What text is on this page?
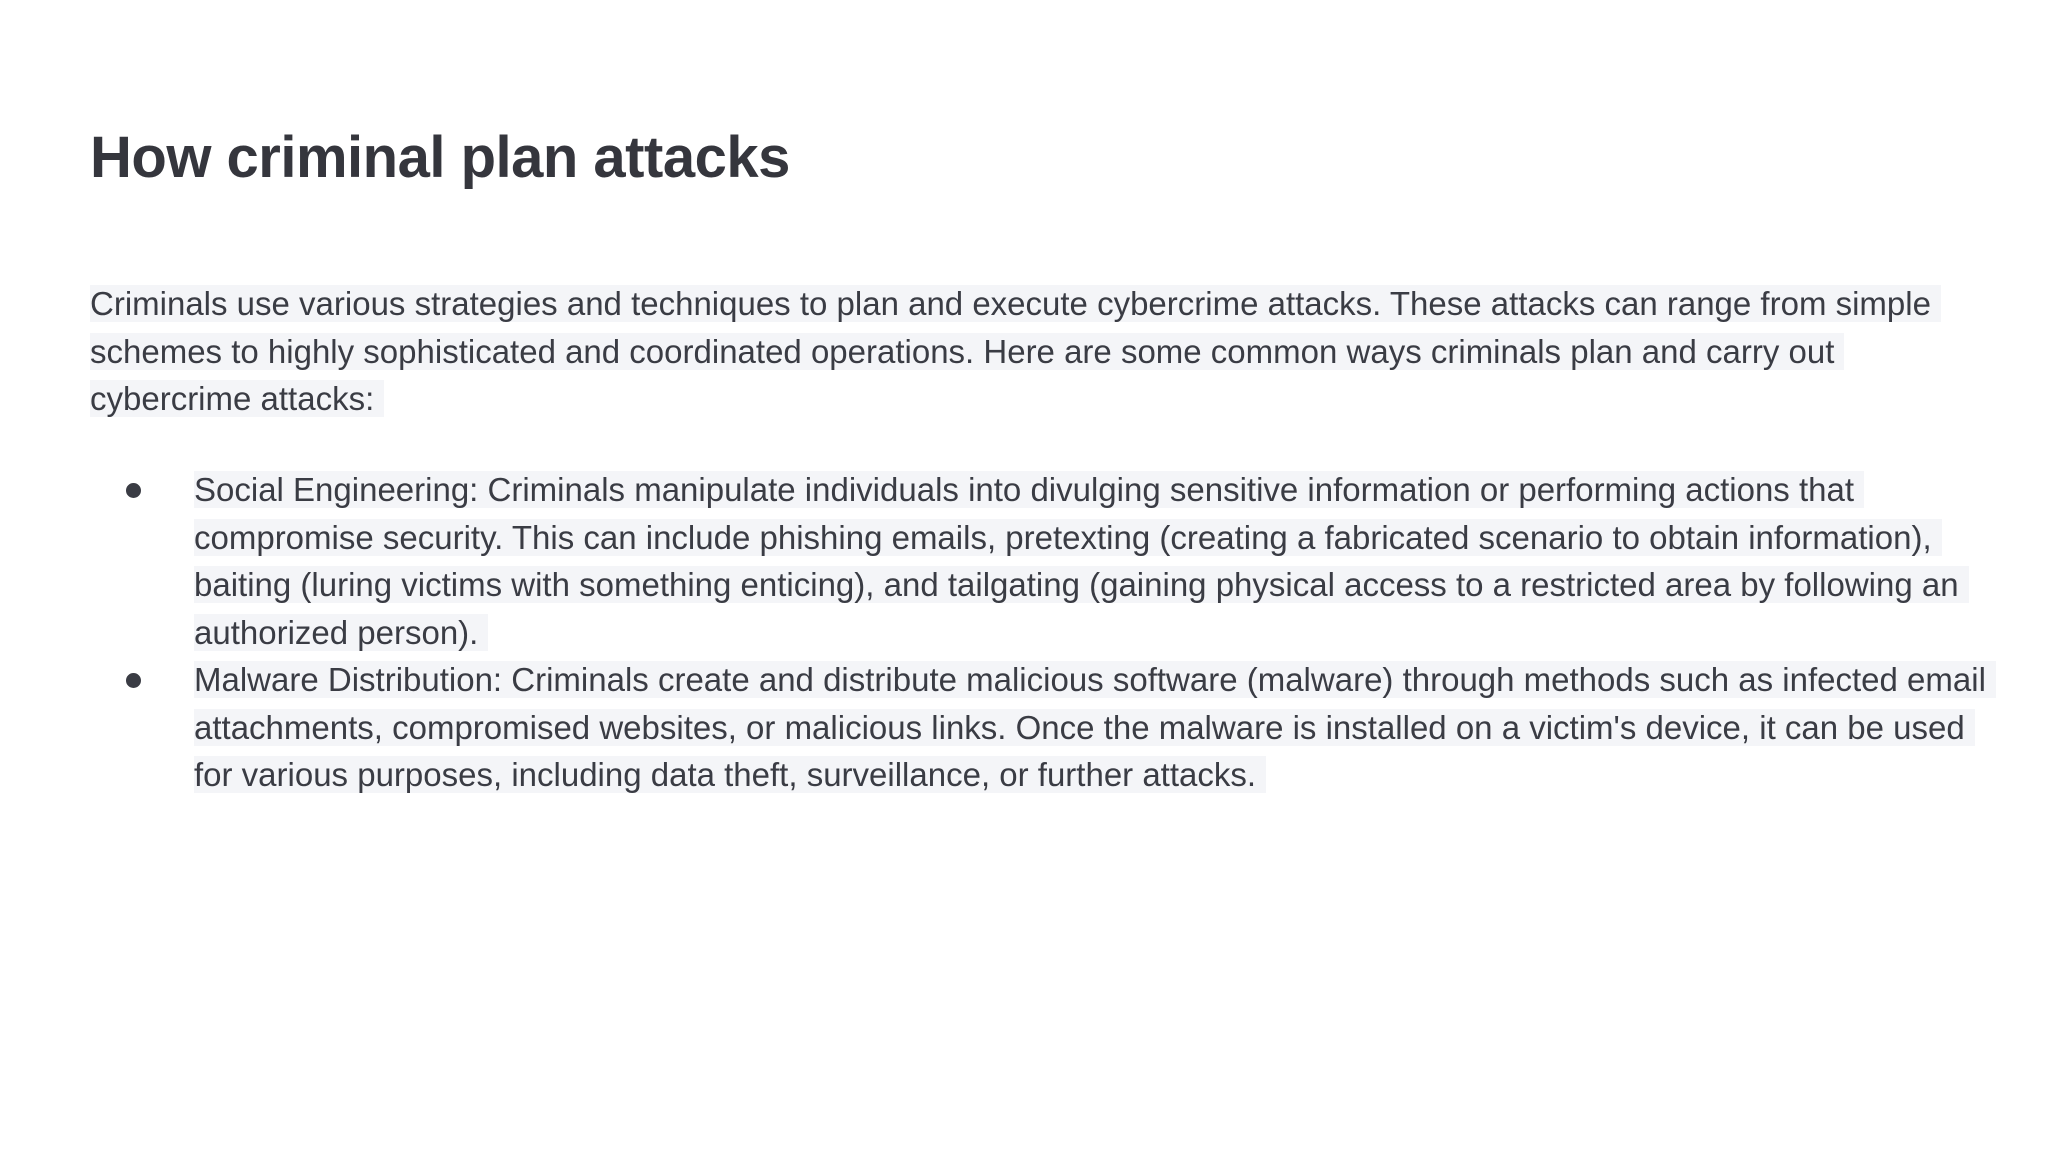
How criminal plan attacks

Criminals use various strategies and techniques to plan and execute cybercrime attacks. These attacks can range from simple schemes to highly sophisticated and coordinated operations. Here are some common ways criminals plan and carry out cybercrime attacks:

Social Engineering: Criminals manipulate individuals into divulging sensitive information or performing actions that compromise security. This can include phishing emails, pretexting (creating a fabricated scenario to obtain information), baiting (luring victims with something enticing), and tailgating (gaining physical access to a restricted area by following an authorized person).
Malware Distribution: Criminals create and distribute malicious software (malware) through methods such as infected email attachments, compromised websites, or malicious links. Once the malware is installed on a victim's device, it can be used for various purposes, including data theft, surveillance, or further attacks.
